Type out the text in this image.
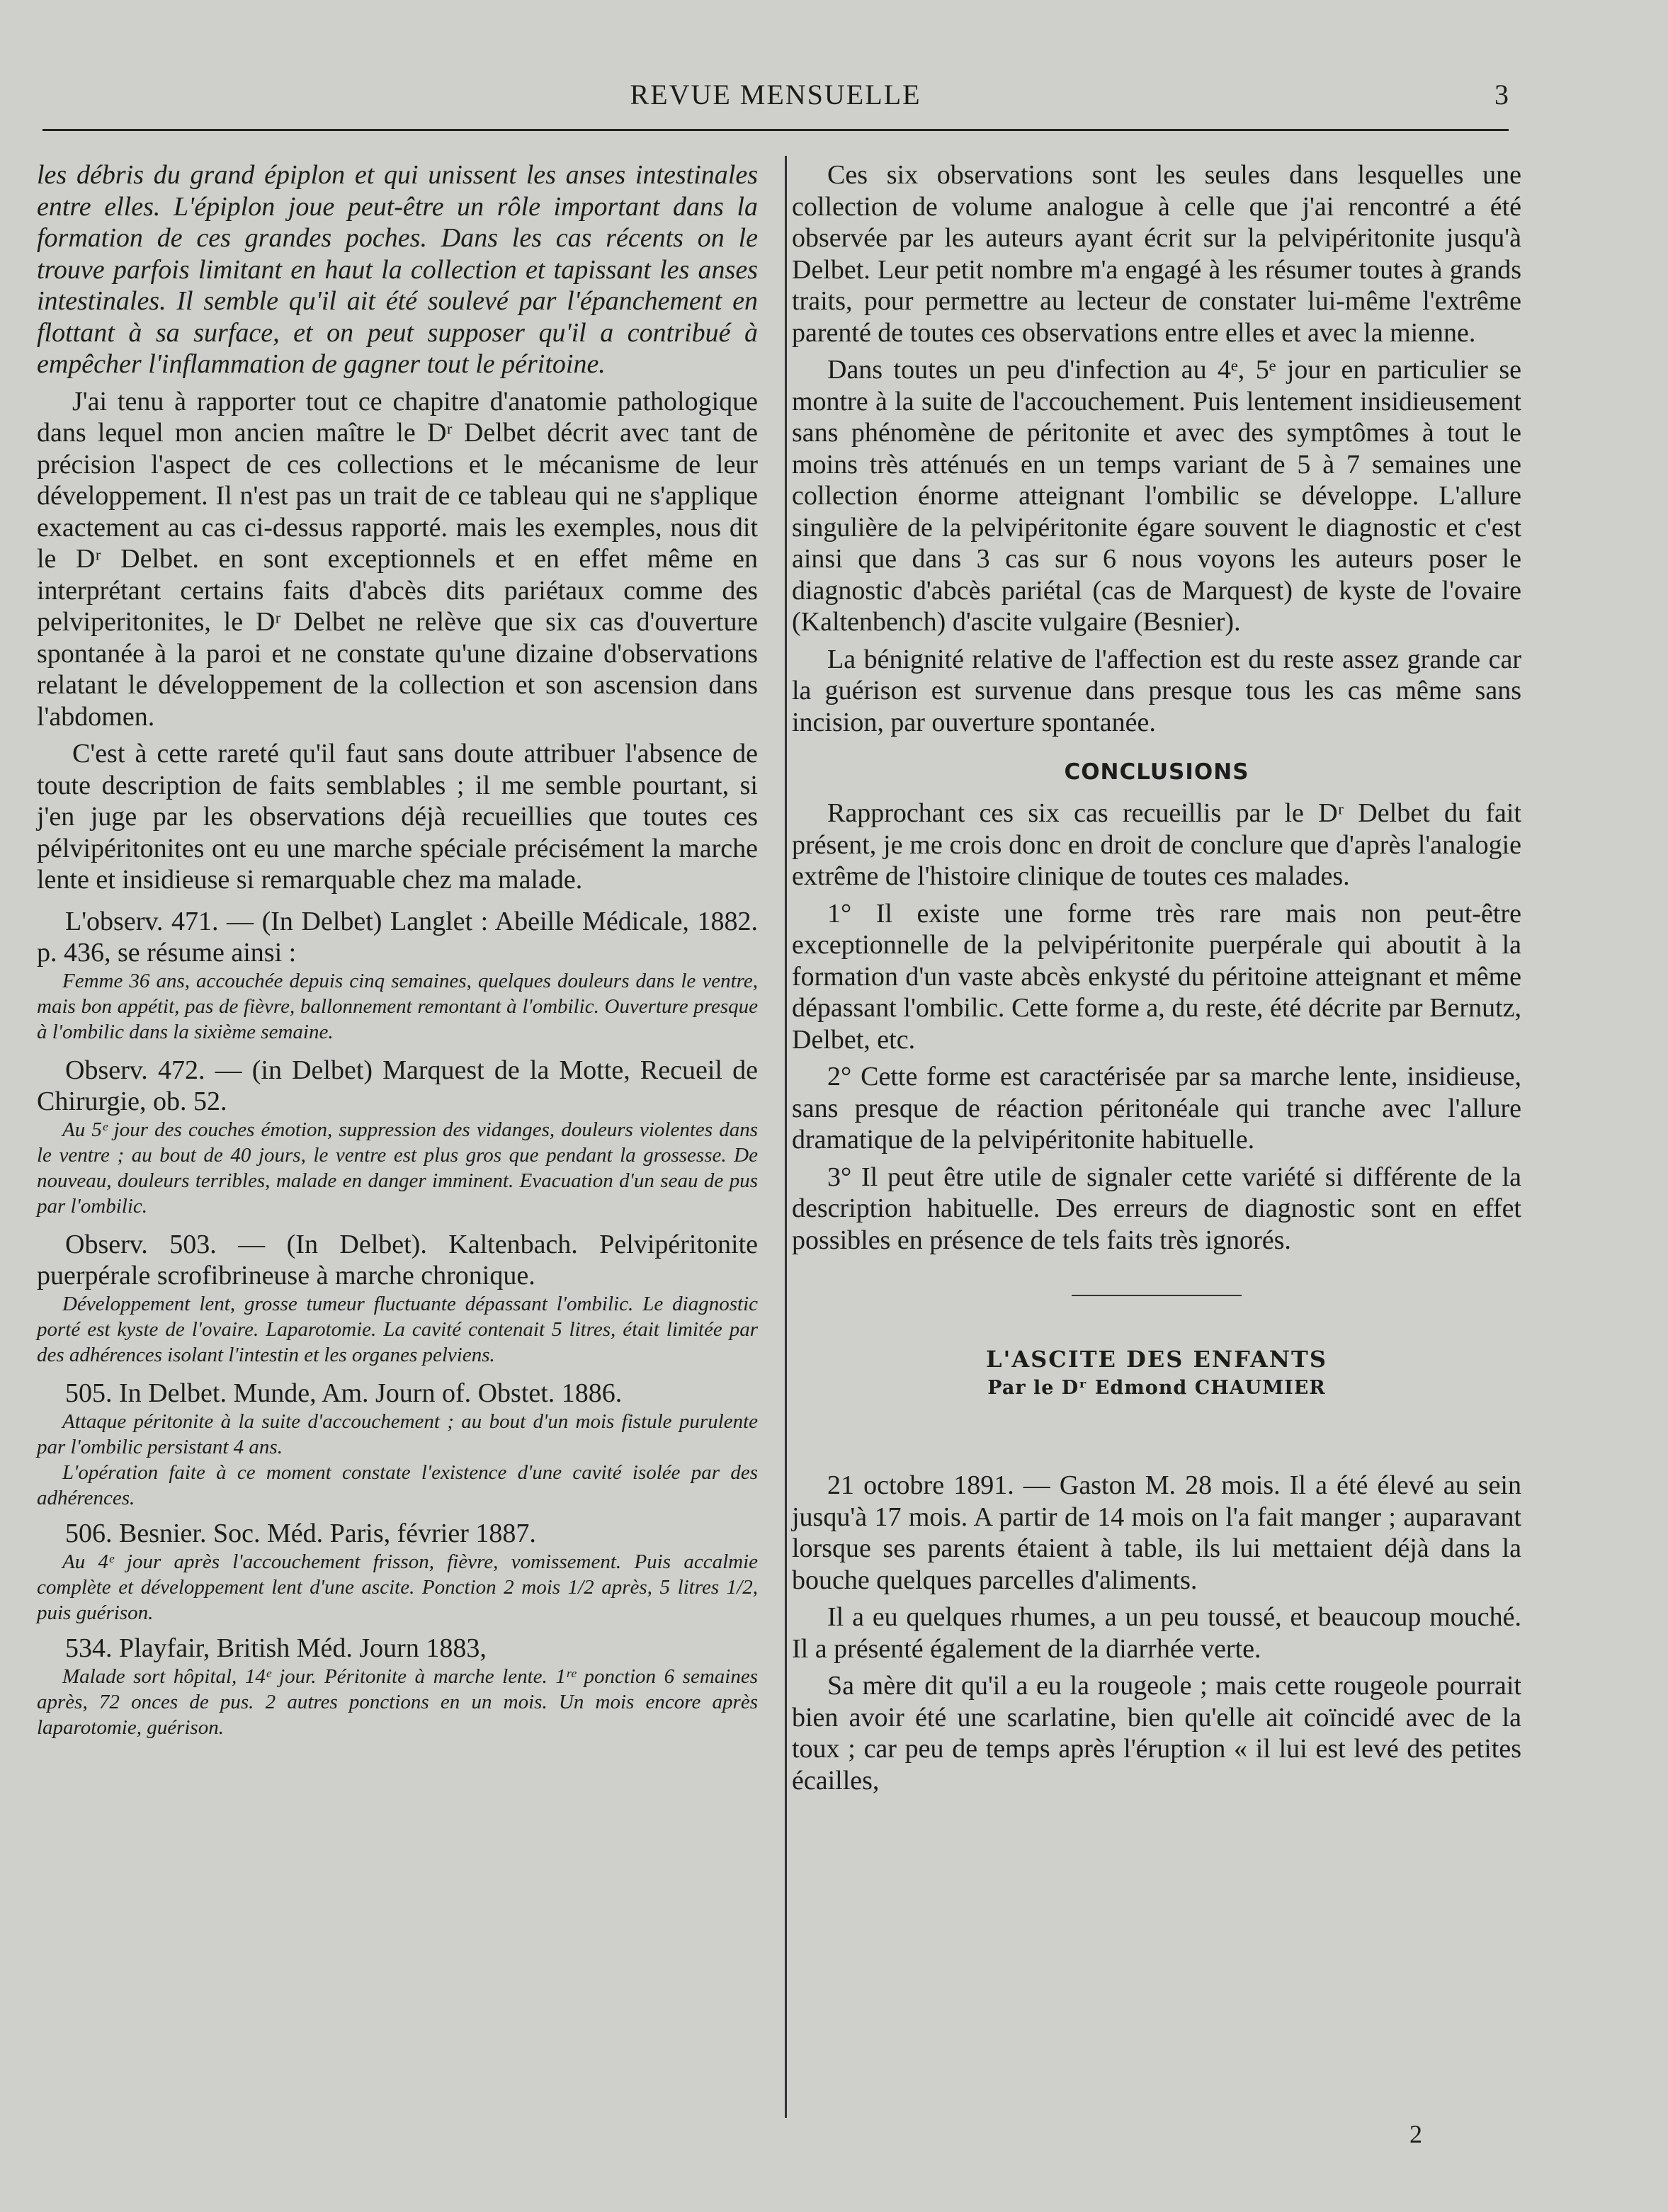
REVUE MENSUELLE	3

les débris du grand épiplon et qui unissent les anses intestinales entre elles. L'épiplon joue peut-être un rôle important dans la formation de ces grandes poches. Dans les cas récents on le trouve parfois limitant en haut la collection et tapissant les anses intestinales. Il semble qu'il ait été soulevé par l'épanchement en flottant à sa surface, et on peut supposer qu'il a contribué à empêcher l'inflammation de gagner tout le péritoine.

J'ai tenu à rapporter tout ce chapitre d'anatomie pathologique dans lequel mon ancien maître le Dʳ Delbet décrit avec tant de précision l'aspect de ces collections et le mécanisme de leur développement. Il n'est pas un trait de ce tableau qui ne s'applique exactement au cas ci-dessus rapporté. mais les exemples, nous dit le Dʳ Delbet. en sont exceptionnels et en effet même en interprétant certains faits d'abcès dits pariétaux comme des pelviperitonites, le Dʳ Delbet ne relève que six cas d'ouverture spontanée à la paroi et ne constate qu'une dizaine d'observations relatant le développement de la collection et son ascension dans l'abdomen.

C'est à cette rareté qu'il faut sans doute attribuer l'absence de toute description de faits semblables ; il me semble pourtant, si j'en juge par les observations déjà recueillies que toutes ces pélvipéritonites ont eu une marche spéciale précisément la marche lente et insidieuse si remarquable chez ma malade.

L'observ. 471. — (In Delbet) Langlet : Abeille Médicale, 1882. p. 436, se résume ainsi :

Femme 36 ans, accouchée depuis cinq semaines, quelques douleurs dans le ventre, mais bon appétit, pas de fièvre, ballonnement remontant à l'ombilic. Ouverture presque à l'ombilic dans la sixième semaine.

Observ. 472. — (in Delbet) Marquest de la Motte, Recueil de Chirurgie, ob. 52.

Au 5ᵉ jour des couches émotion, suppression des vidanges, douleurs violentes dans le ventre ; au bout de 40 jours, le ventre est plus gros que pendant la grossesse. De nouveau, douleurs terribles, malade en danger imminent. Evacuation d'un seau de pus par l'ombilic.

Observ. 503. — (In Delbet). Kaltenbach. Pelvipéritonite puerpérale scrofibrineuse à marche chronique.

Développement lent, grosse tumeur fluctuante dépassant l'ombilic. Le diagnostic porté est kyste de l'ovaire. Laparotomie. La cavité contenait 5 litres, était limitée par des adhérences isolant l'intestin et les organes pelviens.

505. In Delbet. Munde, Am. Journ of. Obstet. 1886.

Attaque péritonite à la suite d'accouchement ; au bout d'un mois fistule purulente par l'ombilic persistant 4 ans.

L'opération faite à ce moment constate l'existence d'une cavité isolée par des adhérences.

506. Besnier. Soc. Méd. Paris, février 1887.

Au 4ᵉ jour après l'accouchement frisson, fièvre, vomissement. Puis accalmie complète et développement lent d'une ascite. Ponction 2 mois 1/2 après, 5 litres 1/2, puis guérison.

534. Playfair, British Méd. Journ 1883,

Malade sort hôpital, 14ᵉ jour. Péritonite à marche lente. 1ʳᵉ ponction 6 semaines après, 72 onces de pus. 2 autres ponctions en un mois. Un mois encore après laparotomie, guérison.

Ces six observations sont les seules dans lesquelles une collection de volume analogue à celle que j'ai rencontré a été observée par les auteurs ayant écrit sur la pelvipéritonite jusqu'à Delbet. Leur petit nombre m'a engagé à les résumer toutes à grands traits, pour permettre au lecteur de constater lui-même l'extrême parenté de toutes ces observations entre elles et avec la mienne.

Dans toutes un peu d'infection au 4ᵉ, 5ᵉ jour en particulier se montre à la suite de l'accouchement. Puis lentement insidieusement sans phénomène de péritonite et avec des symptômes à tout le moins très atténués en un temps variant de 5 à 7 semaines une collection énorme atteignant l'ombilic se développe. L'allure singulière de la pelvipéritonite égare souvent le diagnostic et c'est ainsi que dans 3 cas sur 6 nous voyons les auteurs poser le diagnostic d'abcès pariétal (cas de Marquest) de kyste de l'ovaire (Kaltenbench) d'ascite vulgaire (Besnier).

La bénignité relative de l'affection est du reste assez grande car la guérison est survenue dans presque tous les cas même sans incision, par ouverture spontanée.

CONCLUSIONS

Rapprochant ces six cas recueillis par le Dʳ Delbet du fait présent, je me crois donc en droit de conclure que d'après l'analogie extrême de l'histoire clinique de toutes ces malades.

1° Il existe une forme très rare mais non peut-être exceptionnelle de la pelvipéritonite puerpérale qui aboutit à la formation d'un vaste abcès enkysté du péritoine atteignant et même dépassant l'ombilic. Cette forme a, du reste, été décrite par Bernutz, Delbet, etc.

2° Cette forme est caractérisée par sa marche lente, insidieuse, sans presque de réaction péritonéale qui tranche avec l'allure dramatique de la pelvipéritonite habituelle.

3° Il peut être utile de signaler cette variété si différente de la description habituelle. Des erreurs de diagnostic sont en effet possibles en présence de tels faits très ignorés.

L'ASCITE DES ENFANTS
Par le Dʳ Edmond CHAUMIER

21 octobre 1891. — Gaston M. 28 mois. Il a été élevé au sein jusqu'à 17 mois. A partir de 14 mois on l'a fait manger ; auparavant lorsque ses parents étaient à table, ils lui mettaient déjà dans la bouche quelques parcelles d'aliments.

Il a eu quelques rhumes, a un peu toussé, et beaucoup mouché. Il a présenté également de la diarrhée verte.

Sa mère dit qu'il a eu la rougeole ; mais cette rougeole pourrait bien avoir été une scarlatine, bien qu'elle ait coïncidé avec de la toux ; car peu de temps après l'éruption « il lui est levé des petites écailles,

2
